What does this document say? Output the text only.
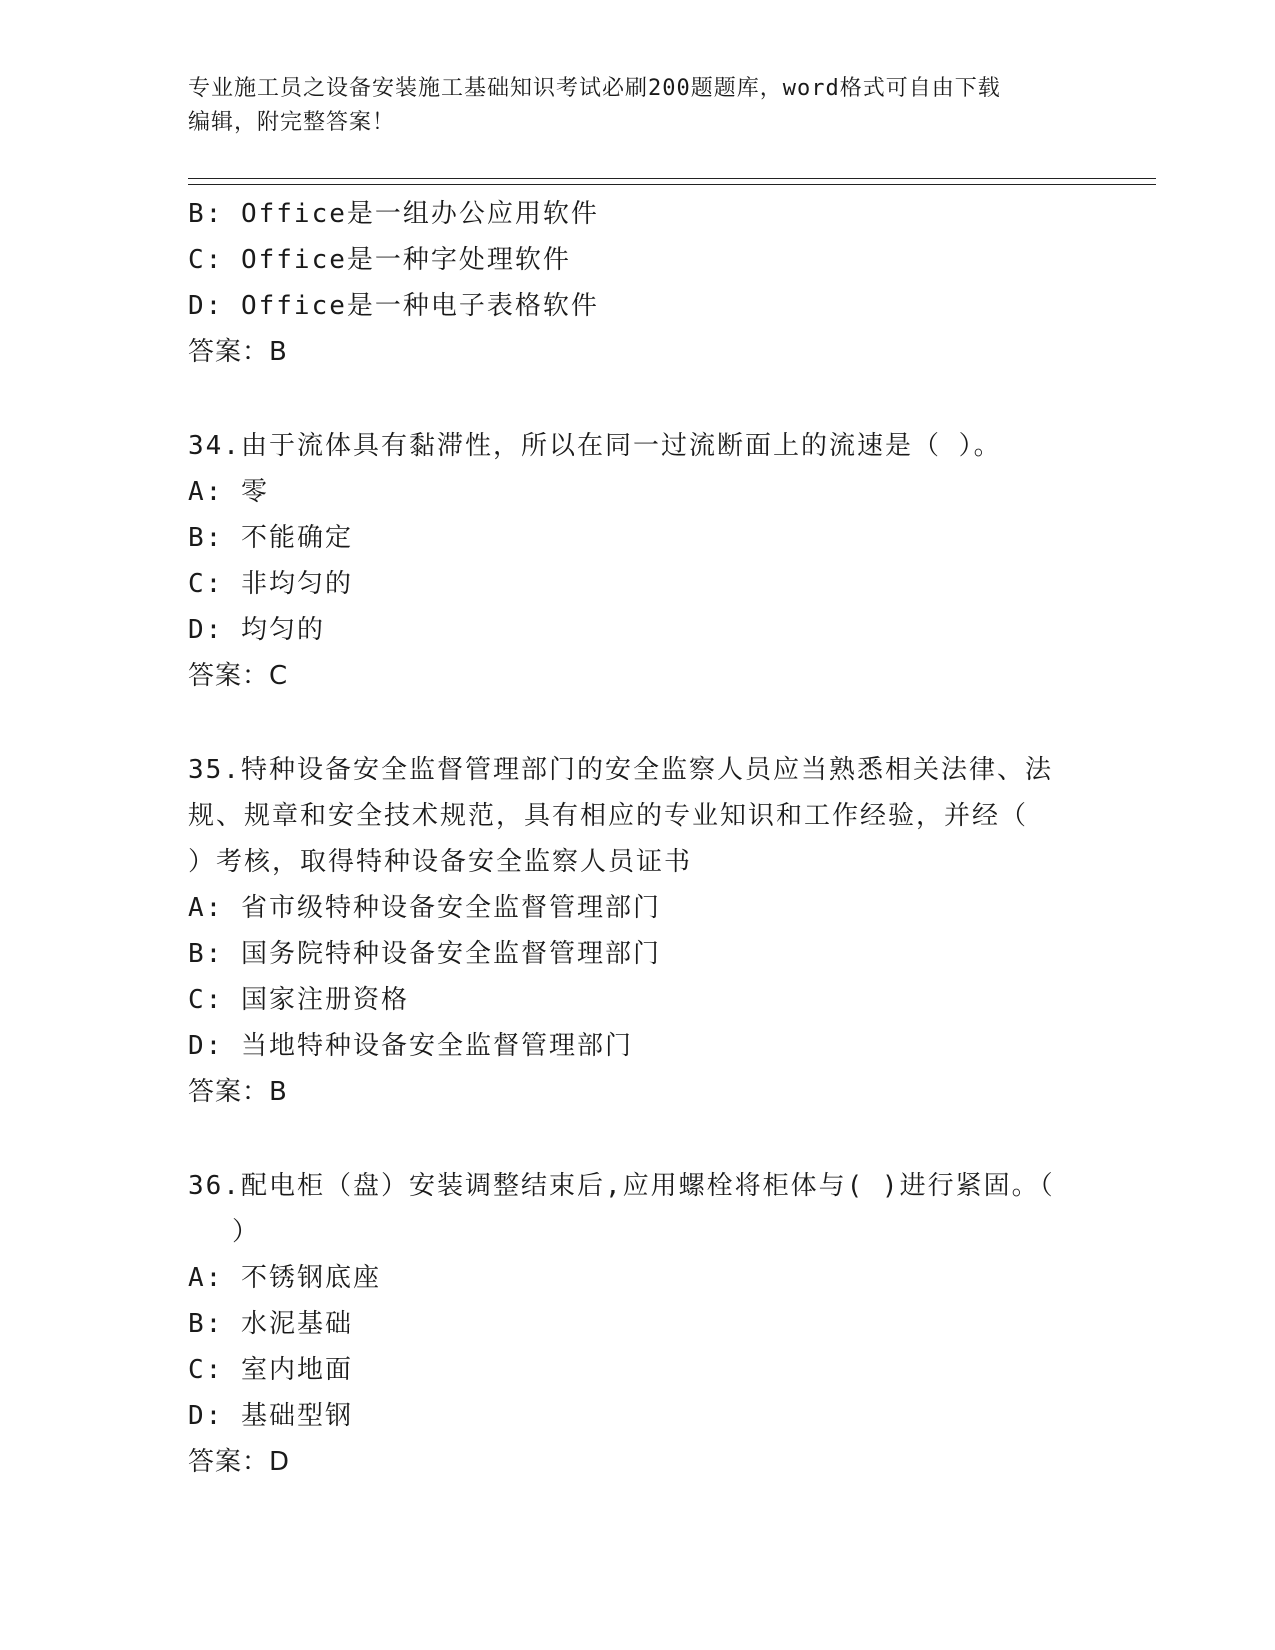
专业施工员之设备安装施工基础知识考试必刷200题题库，word格式可自由下载
编辑，附完整答案！
B: Office是一组办公应用软件
C: Office是一种字处理软件
D: Office是一种电子表格软件
答案：B
34.由于流体具有黏滞性，所以在同一过流断面上的流速是（ ）。
A: 零
B: 不能确定
C: 非均匀的
D: 均匀的
答案：C
35.特种设备安全监督管理部门的安全监察人员应当熟悉相关法律、法
规、规章和安全技术规范，具有相应的专业知识和工作经验，并经（
）考核，取得特种设备安全监察人员证书
A: 省市级特种设备安全监督管理部门
B: 国务院特种设备安全监督管理部门
C: 国家注册资格
D: 当地特种设备安全监督管理部门
答案：B
36.配电柜（盘）安装调整结束后,应用螺栓将柜体与( )进行紧固。（
）
A: 不锈钢底座
B: 水泥基础
C: 室内地面
D: 基础型钢
答案：D
